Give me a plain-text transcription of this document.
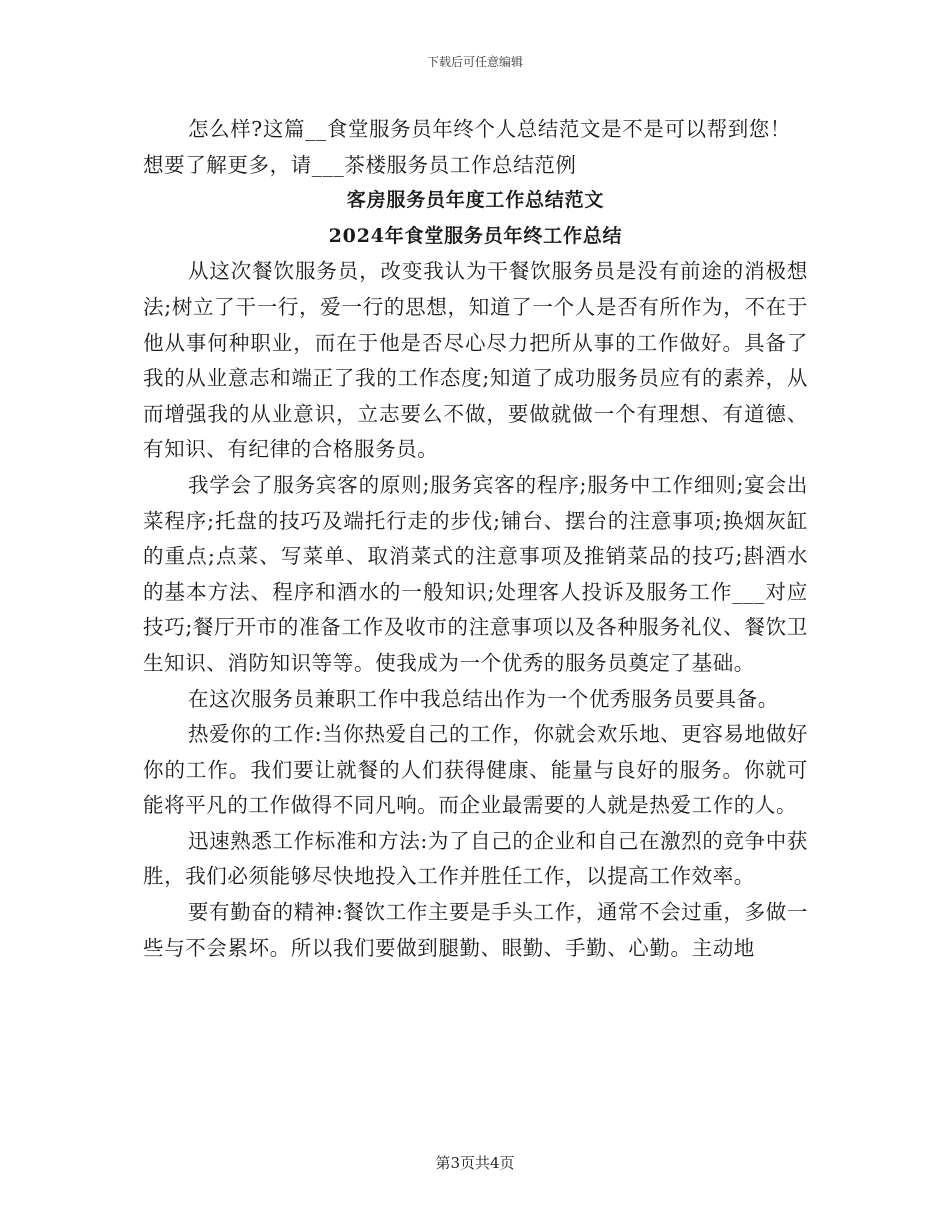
下载后可任意编辑

怎么样?这篇__食堂服务员年终个人总结范文是不是可以帮到您！

想要了解更多，请___茶楼服务员工作总结范例

客房服务员年度工作总结范文

2024年食堂服务员年终工作总结

从这次餐饮服务员，改变我认为干餐饮服务员是没有前途的消极想法;树立了干一行，爱一行的思想，知道了一个人是否有所作为，不在于他从事何种职业，而在于他是否尽心尽力把所从事的工作做好。具备了我的从业意志和端正了我的工作态度;知道了成功服务员应有的素养，从而增强我的从业意识，立志要么不做，要做就做一个有理想、有道德、有知识、有纪律的合格服务员。

我学会了服务宾客的原则;服务宾客的程序;服务中工作细则;宴会出菜程序;托盘的技巧及端托行走的步伐;铺台、摆台的注意事项;换烟灰缸的重点;点菜、写菜单、取消菜式的注意事项及推销菜品的技巧;斟酒水的基本方法、程序和酒水的一般知识;处理客人投诉及服务工作___对应技巧;餐厅开市的准备工作及收市的注意事项以及各种服务礼仪、餐饮卫生知识、消防知识等等。使我成为一个优秀的服务员奠定了基础。

在这次服务员兼职工作中我总结出作为一个优秀服务员要具备。

热爱你的工作:当你热爱自己的工作，你就会欢乐地、更容易地做好你的工作。我们要让就餐的人们获得健康、能量与良好的服务。你就可能将平凡的工作做得不同凡响。而企业最需要的人就是热爱工作的人。

迅速熟悉工作标准和方法:为了自己的企业和自己在激烈的竞争中获胜，我们必须能够尽快地投入工作并胜任工作，以提高工作效率。

要有勤奋的精神:餐饮工作主要是手头工作，通常不会过重，多做一些与不会累坏。所以我们要做到腿勤、眼勤、手勤、心勤。主动地

第3页共4页
